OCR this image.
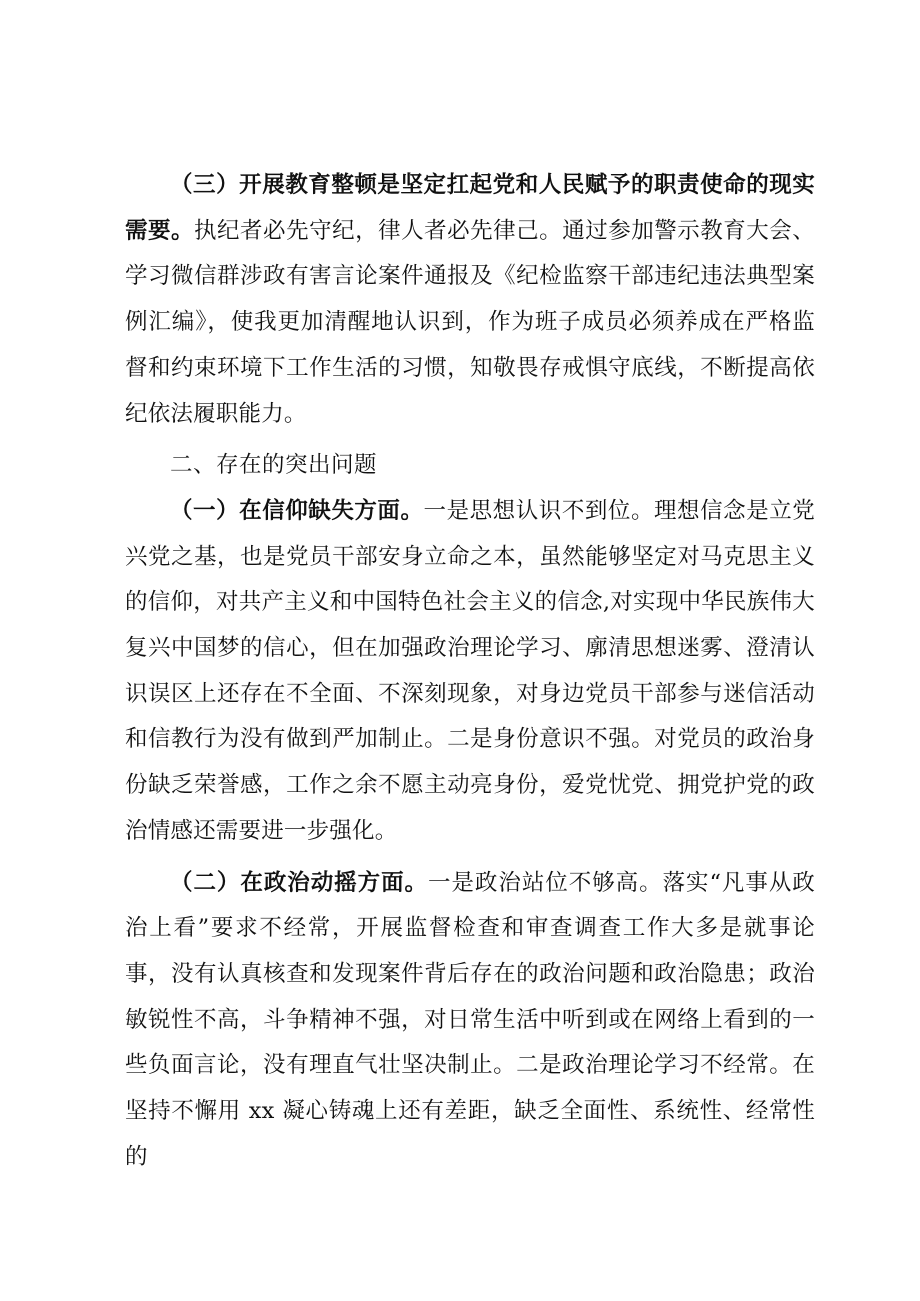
（三）开展教育整顿是坚定扛起党和人民赋予的职责使命的现实需要。执纪者必先守纪，律人者必先律己。通过参加警示教育大会、学习微信群涉政有害言论案件通报及《纪检监察干部违纪违法典型案例汇编》，使我更加清醒地认识到，作为班子成员必须养成在严格监督和约束环境下工作生活的习惯，知敬畏存戒惧守底线，不断提高依纪依法履职能力。

二、存在的突出问题

（一）在信仰缺失方面。一是思想认识不到位。理想信念是立党兴党之基，也是党员干部安身立命之本，虽然能够坚定对马克思主义的信仰，对共产主义和中国特色社会主义的信念,对实现中华民族伟大复兴中国梦的信心，但在加强政治理论学习、廓清思想迷雾、澄清认识误区上还存在不全面、不深刻现象，对身边党员干部参与迷信活动和信教行为没有做到严加制止。二是身份意识不强。对党员的政治身份缺乏荣誉感，工作之余不愿主动亮身份，爱党忧党、拥党护党的政治情感还需要进一步强化。

（二）在政治动摇方面。一是政治站位不够高。落实“凡事从政治上看”要求不经常，开展监督检查和审查调查工作大多是就事论事，没有认真核查和发现案件背后存在的政治问题和政治隐患；政治敏锐性不高，斗争精神不强，对日常生活中听到或在网络上看到的一些负面言论，没有理直气壮坚决制止。二是政治理论学习不经常。在坚持不懈用 xx 凝心铸魂上还有差距，缺乏全面性、系统性、经常性的
